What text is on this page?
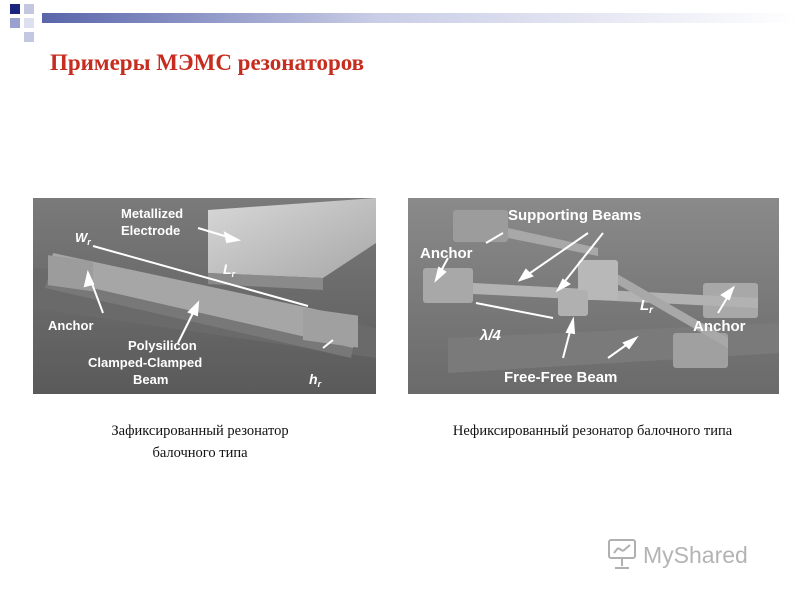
Примеры МЭМС резонаторов
Metallized
Electrode
$W_r$
$L_r$
Anchor
Polysilicon
Clamped-Clamped
Beam	$h_r$
Supporting Beams
Anchor
Anchor
$L_r$
λ/4
Free-Free Beam
Зафиксированный резонатор
балочного типа
Нефиксированный резонатор балочного типа
MyShared
